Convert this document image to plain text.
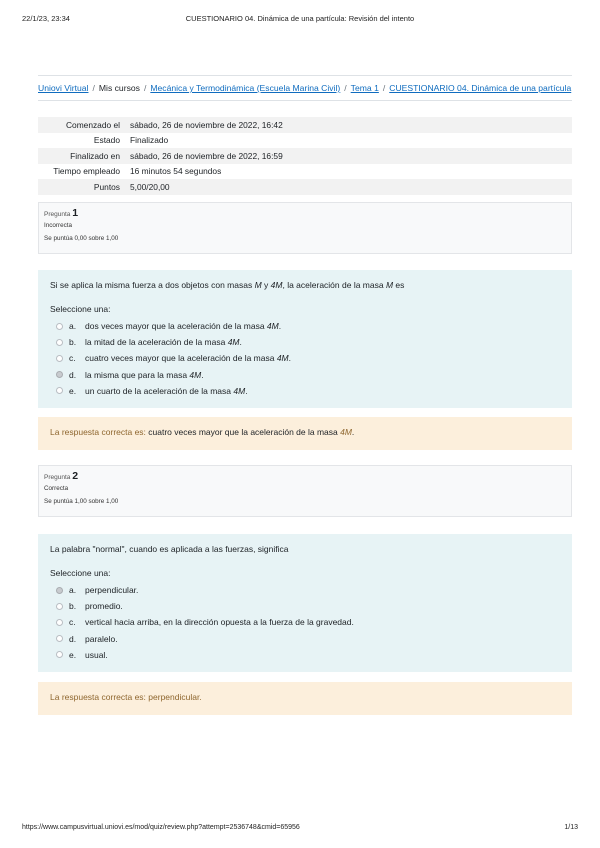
22/1/23, 23:34	CUESTIONARIO 04. Dinámica de una partícula: Revisión del intento
Uniovi Virtual / Mis cursos / Mecánica y Termodinámica (Escuela Marina Civil) / Tema 1 / CUESTIONARIO 04. Dinámica de una partícula
Comenzado el	sábado, 26 de noviembre de 2022, 16:42
Estado	Finalizado
Finalizado en	sábado, 26 de noviembre de 2022, 16:59
Tiempo empleado	16 minutos 54 segundos
Puntos	5,00/20,00
Pregunta 1
Incorrecta
Se puntúa 0,00 sobre 1,00
Si se aplica la misma fuerza a dos objetos con masas M y 4M, la aceleración de la masa M es
Seleccione una:
a.	dos veces mayor que la aceleración de la masa 4M.
b.	la mitad de la aceleración de la masa 4M.
c.	cuatro veces mayor que la aceleración de la masa 4M.
d.	la misma que para la masa 4M.
e.	un cuarto de la aceleración de la masa 4M.
La respuesta correcta es: cuatro veces mayor que la aceleración de la masa 4M.
Pregunta 2
Correcta
Se puntúa 1,00 sobre 1,00
La palabra "normal", cuando es aplicada a las fuerzas, significa
Seleccione una:
a.	perpendicular.
b.	promedio.
c.	vertical hacia arriba, en la dirección opuesta a la fuerza de la gravedad.
d.	paralelo.
e.	usual.
La respuesta correcta es: perpendicular.
https://www.campusvirtual.uniovi.es/mod/quiz/review.php?attempt=2536748&cmid=65956	1/13
